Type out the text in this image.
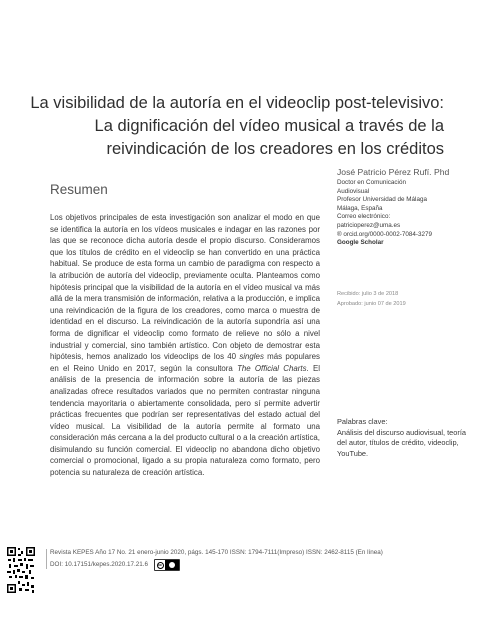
La visibilidad de la autoría en el videoclip post-televisivo:
La dignificación del vídeo musical a través de la
reivindicación de los creadores en los créditos
Resumen
Los objetivos principales de esta investigación son analizar el modo en que se identifica la autoría en los vídeos musicales e indagar en las razones por las que se reconoce dicha autoría desde el propio discurso. Consideramos que los títulos de crédito en el videoclip se han convertido en una práctica habitual. Se produce de esta forma un cambio de paradigma con respecto a la atribución de autoría del videoclip, previamente oculta. Planteamos como hipótesis principal que la visibilidad de la autoría en el vídeo musical va más allá de la mera transmisión de información, relativa a la producción, e implica una reivindicación de la figura de los creadores, como marca o muestra de identidad en el discurso. La reivindicación de la autoría supondría así una forma de dignificar el videoclip como formato de relieve no sólo a nivel industrial y comercial, sino también artístico. Con objeto de demostrar esta hipótesis, hemos analizado los videoclips de los 40 singles más populares en el Reino Unido en 2017, según la consultora The Official Charts. El análisis de la presencia de información sobre la autoría de las piezas analizadas ofrece resultados variados que no permiten contrastar ninguna tendencia mayoritaria o abiertamente consolidada, pero sí permite advertir prácticas frecuentes que podrían ser representativas del estado actual del vídeo musical. La visibilidad de la autoría permite al formato una consideración más cercana a la del producto cultural o a la creación artística, disimulando su función comercial. El videoclip no abandona dicho objetivo comercial o promocional, ligado a su propia naturaleza como formato, pero potencia su naturaleza de creación artística.
José Patricio Pérez Rufí. Phd
Doctor en Comunicación
Audiovisual
Profesor Universidad de Málaga
Málaga, España
Correo electrónico:
patricioperez@uma.es
® orcid.org/0000-0002-7084-3279
Google Scholar
Recibido: julio 3 de 2018
Aprobado: junio 07 de 2019
Palabras clave:
Análisis del discurso audiovisual, teoría del autor, títulos de crédito, videoclip, YouTube.
Revista KEPES Año 17 No. 21 enero-junio 2020, págs. 145-170 ISSN: 1794-7111(Impreso) ISSN: 2462-8115 (En línea)
DOI: 10.17151/kepes.2020.17.21.6	cc
